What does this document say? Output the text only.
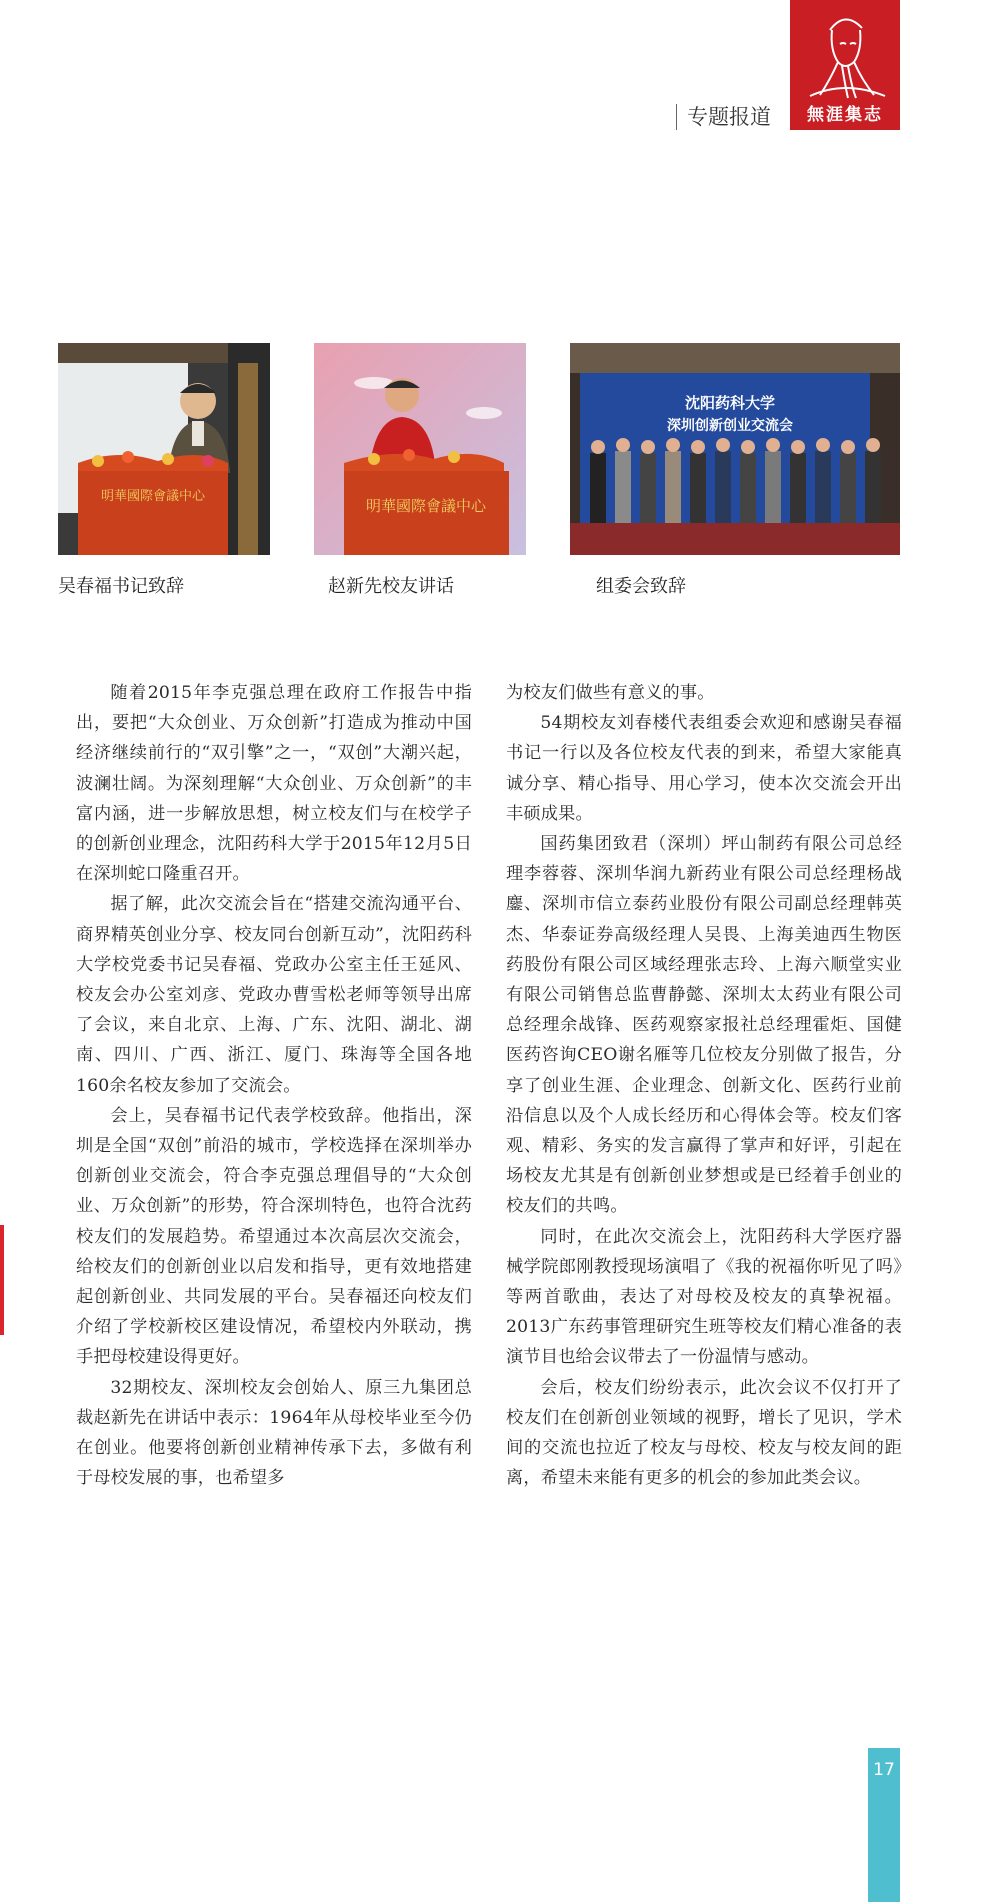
無涯集志
专题报道
明華國際會議中心
吴春福书记致辞
明華國際會議中心
赵新先校友讲话
沈阳药科大学
深圳创新创业交流会
组委会致辞

随着2015年李克强总理在政府工作报告中指出，要把“大众创业、万众创新”打造成为推动中国经济继续前行的“双引擎”之一，“双创”大潮兴起，波澜壮阔。为深刻理解“大众创业、万众创新”的丰富内涵，进一步解放思想，树立校友们与在校学子的创新创业理念，沈阳药科大学于2015年12月5日在深圳蛇口隆重召开。

据了解，此次交流会旨在“搭建交流沟通平台、商界精英创业分享、校友同台创新互动”，沈阳药科大学校党委书记吴春福、党政办公室主任王延风、校友会办公室刘彦、党政办曹雪松老师等领导出席了会议，来自北京、上海、广东、沈阳、湖北、湖南、四川、广西、浙江、厦门、珠海等全国各地160余名校友参加了交流会。

会上，吴春福书记代表学校致辞。他指出，深圳是全国“双创”前沿的城市，学校选择在深圳举办创新创业交流会，符合李克强总理倡导的“大众创业、万众创新”的形势，符合深圳特色，也符合沈药校友们的发展趋势。希望通过本次高层次交流会，给校友们的创新创业以启发和指导，更有效地搭建起创新创业、共同发展的平台。吴春福还向校友们介绍了学校新校区建设情况，希望校内外联动，携手把母校建设得更好。

32期校友、深圳校友会创始人、原三九集团总裁赵新先在讲话中表示：1964年从母校毕业至今仍在创业。他要将创新创业精神传承下去，多做有利于母校发展的事，也希望多

为校友们做些有意义的事。

54期校友刘春楼代表组委会欢迎和感谢吴春福书记一行以及各位校友代表的到来，希望大家能真诚分享、精心指导、用心学习，使本次交流会开出丰硕成果。

国药集团致君（深圳）坪山制药有限公司总经理李蓉蓉、深圳华润九新药业有限公司总经理杨战鏖、深圳市信立泰药业股份有限公司副总经理韩英杰、华泰证券高级经理人吴畏、上海美迪西生物医药股份有限公司区域经理张志玲、上海六顺堂实业有限公司销售总监曹静懿、深圳太太药业有限公司总经理余战锋、医药观察家报社总经理霍炬、国健医药咨询CEO谢名雁等几位校友分别做了报告，分享了创业生涯、企业理念、创新文化、医药行业前沿信息以及个人成长经历和心得体会等。校友们客观、精彩、务实的发言赢得了掌声和好评，引起在场校友尤其是有创新创业梦想或是已经着手创业的校友们的共鸣。

同时，在此次交流会上，沈阳药科大学医疗器械学院郎刚教授现场演唱了《我的祝福你听见了吗》等两首歌曲，表达了对母校及校友的真挚祝福。2013广东药事管理研究生班等校友们精心准备的表演节目也给会议带去了一份温情与感动。

会后，校友们纷纷表示，此次会议不仅打开了校友们在创新创业领域的视野，增长了见识，学术间的交流也拉近了校友与母校、校友与校友间的距离，希望未来能有更多的机会的参加此类会议。

17
